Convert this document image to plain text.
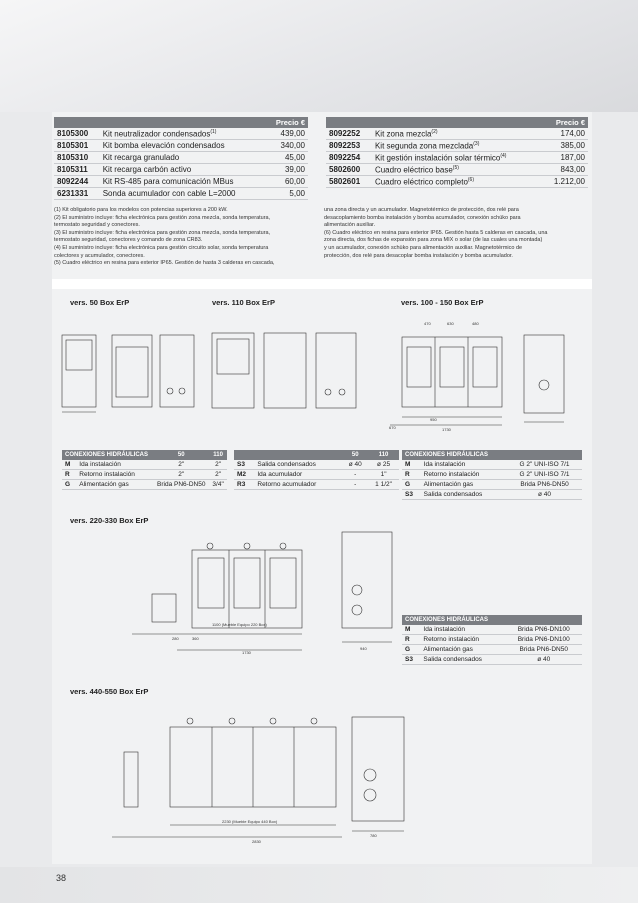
Precio €		
8105300	Kit neutralizador condensados$^{(1)}$	439,00
8105301	Kit bomba elevación condensados	340,00
8105310	Kit recarga granulado	45,00
8105311	Kit recarga carbón activo	39,00
8092244	Kit RS-485 para comunicación MBus	60,00
6231331	Sonda acumulador con cable L=2000	5,00
Precio €		
8092252	Kit zona mezcla$^{(2)}$	174,00
8092253	Kit segunda zona mezclada$^{(3)}$	385,00
8092254	Kit gestión instalación solar térmico$^{(4)}$	187,00
5802600	Cuadro eléctrico base$^{(5)}$	843,00
5802601	Cuadro eléctrico completo$^{(6)}$	1.212,00
(1) Kit obligatorio para los modelos con potencias superiores a 200 kW.
(2) El suministro incluye: ficha electrónica para gestión zona mezcla, sonda temperatura,
termostato seguridad y conectores.
(3) El suministro incluye: ficha electrónica para gestión zona mezcla, sonda temperatura,
termostato seguridad, conectores y comando de zona CR83.
(4) El suministro incluye: ficha electrónica para gestión circuito solar, sonda temperatura
colectores y acumulador, conectores.
(5) Cuadro eléctrico en resina para exterior IP65. Gestión de hasta 3 calderas en cascada,
una zona directa y un acumulador. Magnetotérmico de protección, dos relé para
desacoplamiento bomba instalación y bomba acumulador, conexión schüko para
alimentación auxiliar.
(6) Cuadro eléctrico en resina para exterior IP65. Gestión hasta 5 calderas en cascada, una
zona directa, dos fichas de expansión para zona MIX o solar (de las cuales una montada)
y un acumulador, conexión schüko para alimentación auxiliar. Magnetotérmico de
protección, dos relé para desacoplar bomba instalación y bomba acumulador.
vers. 50 Box ErP	vers. 110 Box ErP	vers. 100 - 150 Box ErP
vers. 220-330 Box ErP
vers. 440-550 Box ErP
470	630	480
950
670	1730
CONEXIONES HIDRÁULICAS		50	110
M	Ida instalación	2"	2"
R	Retorno instalación	2"	2"
G	Alimentación gas	Brida PN6-DN50	3/4"
		50	110
S3	Salida condensados	ø 40	ø 25
M2	Ida acumulador	-	1"
R3	Retorno acumulador	-	1 1/2"
CONEXIONES HIDRÁULICAS		
M	Ida instalación	G 2" UNI-ISO 7/1
R	Retorno instalación	G 2" UNI-ISO 7/1
G	Alimentación gas	Brida PN6-DN50
S3	Salida condensados	ø 40
1100 (Mueble Equipo 220 Box)
280	360
1730
940
CONEXIONES HIDRÁULICAS		
M	Ida instalación	Brida PN6-DN100
R	Retorno instalación	Brida PN6-DN100
G	Alimentación gas	Brida PN6-DN50
S3	Salida condensados	ø 40
2230 (Mueble Equipo 440 Box)
2830
780
38
